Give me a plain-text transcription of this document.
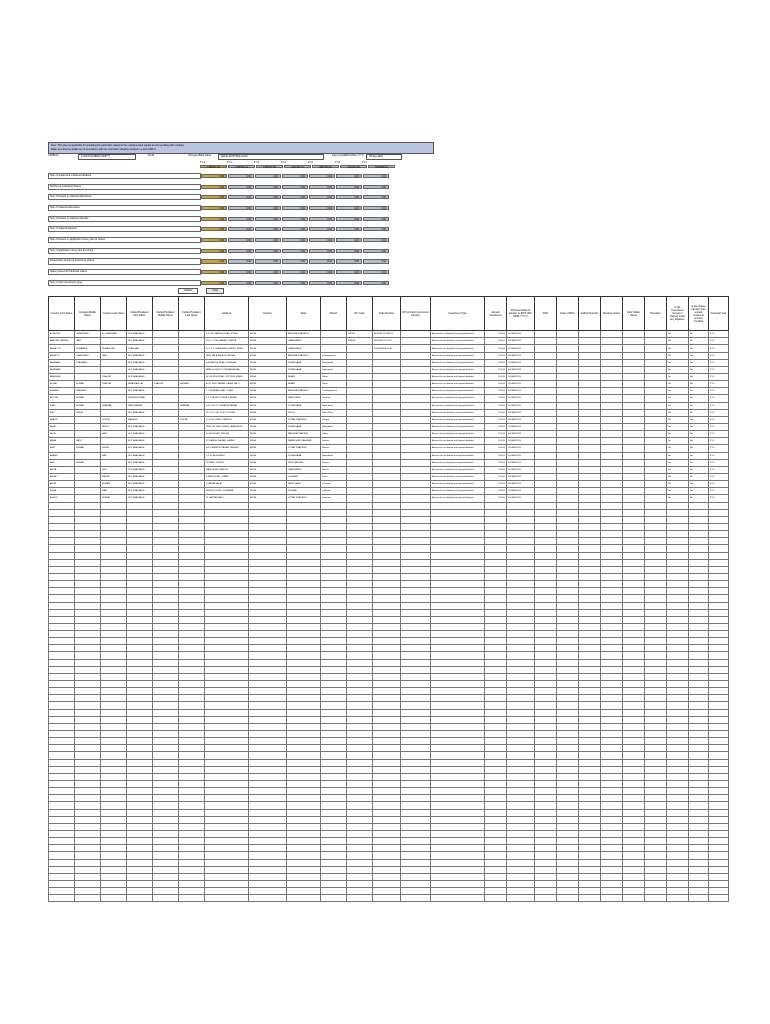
Note: This sheet is applicable for uploading the particulars related to the unclaimed and unpaid amount pending with company.
Make sure that the details are in accordance with the information already provided in e-form IEPF-2
CIN/BCIN	L74110TG1986PLC006777	Prefill	Company/Bank Name	MAHA-RASHTRA AGRO	Date of AGM(DD-MON-YYYY)	09-Sep-2020
FY-1	FY-2	FY-3	FY-4	FY-5	FY-6	FY-7
6789947.30	7787566.40	8165667.60	4294764.70	4887464.80	7227534.00	8083888.20
Sum of unpaid and unclaimed dividend	0.00	0.00	0.00	0.00	0.00	0.00	0.00
Number of underlying Shares	0.00	0.00	0.00	0.00	0.00	0.00	0.00
Sum of interest on matured debentures	0.00	0.00	0.00	0.00	0.00	0.00	0.00
Sum of matured debentures	0.00	0.00	0.00	0.00	0.00	0.00	0.00
Sum of interest on matured deposits	0.00	0.00	0.00	0.00	0.00	0.00	0.00
Sum of matured deposits	0.00	0.00	0.00	0.00	0.00	0.00	0.00
Sum of interest on application money due for refund	0.00	0.00	0.00	0.00	0.00	0.00	0.00
Sum of application money due for refund	0.00	0.00	0.00	0.00	0.00	0.00	0.00
Redemption amount of preference shares	0.00	0.00	0.00	0.00	0.00	0.00	0.00
Sales proceed for fractional shares	0.00	0.00	0.00	0.00	0.00	0.00	0.00
Sum of other investment types	0.00	0.00	0.00	0.00	0.00	0.00	0.00
Validate	Clear
Investor First Name	Investor Middle Name	Investor Last Name	Father/Husband First Name	Father/Husband Middle Name	Father/Husband Last Name	Address	Country	State	District	Pin Code	Folio Number	DP Id-Client Id-Account Number	Investment Type	Amount transferred	Proposed Date of transfer to IEPF (DD-MON-YYYY)	PAN	Date of Birth	Aadhar Number	Nominee Name	Joint Holder Name	Remarks	Is the Investment (amount / shares) under any litigation.	Is the shares transfer from unpaid suspense account (Yes/No)	Financial Year
A. MUTHU	CHANDRAN	A. CHANDRAN	NOT AVAILABLE			1-2-11B GANDHI ROAD, ETHAL	INDIA	ANDHRA PRADESH		522002	IN301022-10298 15		Amount for unclaimed and unpaid dividend	100.00	09-JAN-2023							No	No	FY-1
AARVIND BALRAJ	JAIN		NOT AVAILABLE			28-1-17 THE KARAN, THEPPA	INDIA	JHARKHAND		834002	IN301022-10 0 56		Amount for unclaimed and unpaid dividend	500.00	09-JAN-2023							No	No	FY-1
ABHA LTD	KUMARAN	KUMARI PAI	THANGAM			27-1-4-1 THANGRAJ STREET, INDIA	INDIA	JHARKHAND			1201090000-10 56		Amount for unclaimed and unpaid dividend	100.00	09-JAN-2023							No	No	FY-1
ABHAY D	CHANDRA K	JAIN	NOT AVAILABLE			NEW KALA PALACE, ANTHA	INDIA	ANDHRA PRADESH	Vizianagaram				Amount for unclaimed and unpaid dividend	100.00	09-JAN-2023							No	No	FY-1
ABHIRAM	THALAIRA		NOT AVAILABLE			S-B-SAKTHI ROAD, KRISHNA	INDIA	TELANGANA	Rangareddi				Amount for unclaimed and unpaid dividend	100.00	09-JAN-2023							No	No	FY-1
ABHIRAMI			NOT AVAILABLE			PART-H SHOP 6, INDIRA NAGAR	INDIA	TELANGANA	Hyderabad				Amount for unclaimed and unpaid dividend	100.00	09-JAN-2023							No	No	FY-1
ABHISHEK		THAKUR	NOT AVAILABLE			NO 60 M G ROAD, OPP BUS STAND	INDIA	BIHAR	Patna				Amount for unclaimed and unpaid dividend	100.00	09-JAN-2023							No	No	FY-1
ACHAL	KUMAR	THAKUR	NIRANJAN LAL	THAKUR	MISHRA	A. 81 SHIV NAGAR, KANNI PALLI	INDIA	BIHAR	Patna				Amount for unclaimed and unpaid dividend	100.00	09-JAN-2023							No	No	FY-1
ADARSH	PRAKASH		NOT AVAILABLE			1 C M RAJAGOPAL, VIZAG	INDIA	ANDHRA PRADESH	Visakhapatnam				Amount for unclaimed and unpaid dividend	100.00	09-JAN-2023							No	No	FY-1
ADITYA	KUMAR		SURESHKUMAR			1-2-3 NEHRU STREET, ADYAR	INDIA	TAMIL NADU	Chennai				Amount for unclaimed and unpaid dividend	100.00	09-JAN-2023							No	No	FY-1
AJAY	KUMAR	SHARMA	RAM PRASAD		SHARMA	H NO 3-6-72, HIMAYAT NAGAR	INDIA	TELANGANA	Hyderabad				Amount for unclaimed and unpaid dividend	100.00	09-JAN-2023							No	No	FY-1
AJIT	SINGH		NOT AVAILABLE			PLOT 12 SECTOR 7, ROHINI	INDIA	DELHI	North West				Amount for unclaimed and unpaid dividend	100.00	09-JAN-2023							No	No	FY-1
AKASH		GUPTA	MAHESH		GUPTA	12 CIVIL LINES, KANPUR	INDIA	UTTAR PRADESH	Kanpur				Amount for unclaimed and unpaid dividend	100.00	09-JAN-2023							No	No	FY-1
AKHIL		REDDY	NOT AVAILABLE			FLAT 301 SAI TOWERS, AMEERPET	INDIA	TELANGANA	Hyderabad				Amount for unclaimed and unpaid dividend	100.00	09-JAN-2023							No	No	FY-1
ALKA		JAIN	NOT AVAILABLE			45 MG ROAD, INDORE	INDIA	MADHYA PRADESH	Indore				Amount for unclaimed and unpaid dividend	100.00	09-JAN-2023							No	No	FY-1
AMAR	NATH		NOT AVAILABLE			22 GANDHI NAGAR, JAMMU	INDIA	JAMMU AND KASHMIR	Jammu				Amount for unclaimed and unpaid dividend	100.00	09-JAN-2023							No	No	FY-1
AMIT	KUMAR	SINGH	NOT AVAILABLE			B-12 SHASTRI NAGAR, MEERUT	INDIA	UTTAR PRADESH	Meerut				Amount for unclaimed and unpaid dividend	100.00	09-JAN-2023							No	No	FY-1
ANAND		RAO	NOT AVAILABLE			7-1-24 BEGUMPET	INDIA	TELANGANA	Hyderabad				Amount for unclaimed and unpaid dividend	100.00	09-JAN-2023							No	No	FY-1
ANIL	KUMAR		NOT AVAILABLE			16 PARK STREET	INDIA	WEST BENGAL	Kolkata				Amount for unclaimed and unpaid dividend	100.00	09-JAN-2023							No	No	FY-1
ANITA		DEVI	NOT AVAILABLE			MAIN ROAD, RANCHI	INDIA	JHARKHAND	Ranchi				Amount for unclaimed and unpaid dividend	100.00	09-JAN-2023							No	No	FY-1
ANJALI		MEHTA	NOT AVAILABLE			9 RING ROAD, SURAT	INDIA	GUJARAT	Surat				Amount for unclaimed and unpaid dividend	100.00	09-JAN-2023							No	No	FY-1
ARUN		KUMAR	NOT AVAILABLE			14 ANNA SALAI	INDIA	TAMIL NADU	Chennai				Amount for unclaimed and unpaid dividend	100.00	09-JAN-2023							No	No	FY-1
ASHA		RANI	NOT AVAILABLE			MODEL TOWN, LUDHIANA	INDIA	PUNJAB	Ludhiana				Amount for unclaimed and unpaid dividend	100.00	09-JAN-2023							No	No	FY-1
ASHOK		VERMA	NOT AVAILABLE			11 HAZRATGANJ	INDIA	UTTAR PRADESH	Lucknow				Amount for unclaimed and unpaid dividend	100.00	09-JAN-2023							No	No	FY-1
